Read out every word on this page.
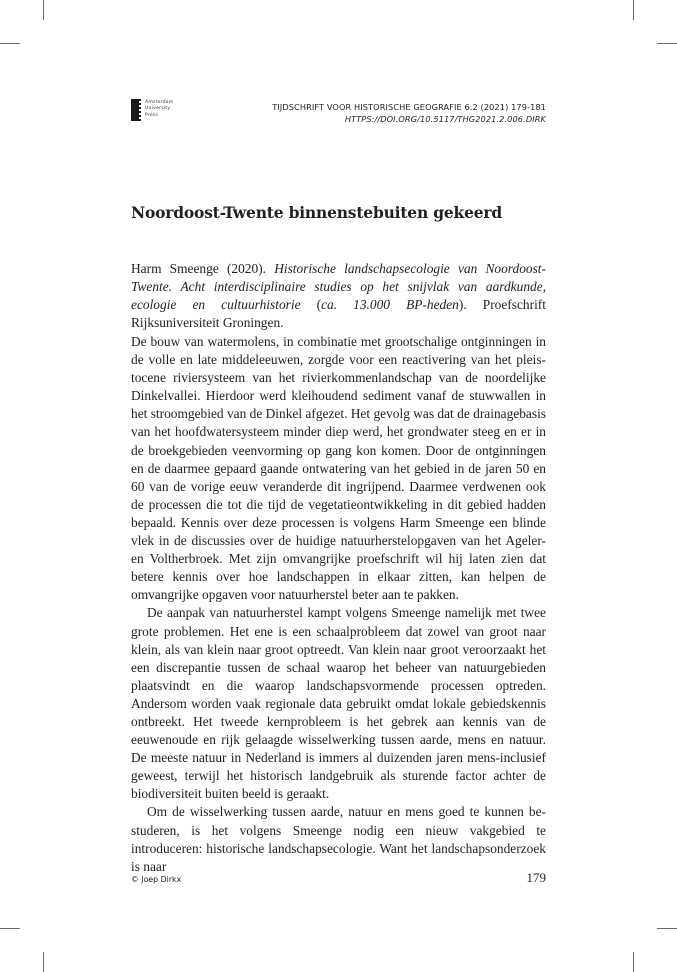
Amsterdam
University
Press
TIJDSCHRIFT VOOR HISTORISCHE GEOGRAFIE 6.2 (2021) 179-181
HTTPS://DOI.ORG/10.5117/THG2021.2.006.DIRK
Noordoost-Twente binnenstebuiten gekeerd
Harm Smeenge (2020). Historische landschapsecologie van Noordoost-Twente. Acht interdisciplinaire studies op het snijvlak van aardkunde, ecologie en cultuurhistorie (ca. 13.000 BP-heden). Proefschrift Rijksuniversiteit Groningen.

De bouw van watermolens, in combinatie met grootschalige ontginningen in de volle en late middeleeuwen, zorgde voor een reactivering van het pleistocene riviersysteem van het rivierkommenlandschap van de noordelijke Dinkelvallei. Hierdoor werd kleihoudend sediment vanaf de stuwwallen in het stroomgebied van de Dinkel afgezet. Het gevolg was dat de drainagebasis van het hoofdwatersysteem minder diep werd, het grondwater steeg en er in de broekgebieden veenvorming op gang kon komen. Door de ontginningen en de daarmee gepaard gaande ontwatering van het gebied in de jaren 50 en 60 van de vorige eeuw veranderde dit ingrijpend. Daarmee verdwenen ook de processen die tot die tijd de vegetatieontwikkeling in dit gebied hadden bepaald. Kennis over deze processen is volgens Harm Smeenge een blinde vlek in de discussies over de huidige natuurherstelopgaven van het Ageler- en Voltherbroek. Met zijn omvangrijke proefschrift wil hij laten zien dat betere kennis over hoe landschappen in elkaar zitten, kan helpen de omvangrijke opgaven voor natuurherstel beter aan te pakken.

De aanpak van natuurherstel kampt volgens Smeenge namelijk met twee grote problemen. Het ene is een schaalprobleem dat zowel van groot naar klein, als van klein naar groot optreedt. Van klein naar groot veroorzaakt het een discrepantie tussen de schaal waarop het beheer van natuurgebieden plaatsvindt en die waarop landschapsvormende processen optreden. Andersom worden vaak regionale data gebruikt omdat lokale gebiedskennis ontbreekt. Het tweede kernprobleem is het gebrek aan kennis van de eeuwenoude en rijk gelaagde wisselwerking tussen aarde, mens en natuur. De meeste natuur in Nederland is immers al duizenden jaren mens-inclusief geweest, terwijl het historisch landgebruik als sturende factor achter de biodiversiteit buiten beeld is geraakt.

Om de wisselwerking tussen aarde, natuur en mens goed te kunnen bestuderen, is het volgens Smeenge nodig een nieuw vakgebied te introduceren: historische landschapsecologie. Want het landschapsonderzoek is naar

© Joep Dirkx	179
